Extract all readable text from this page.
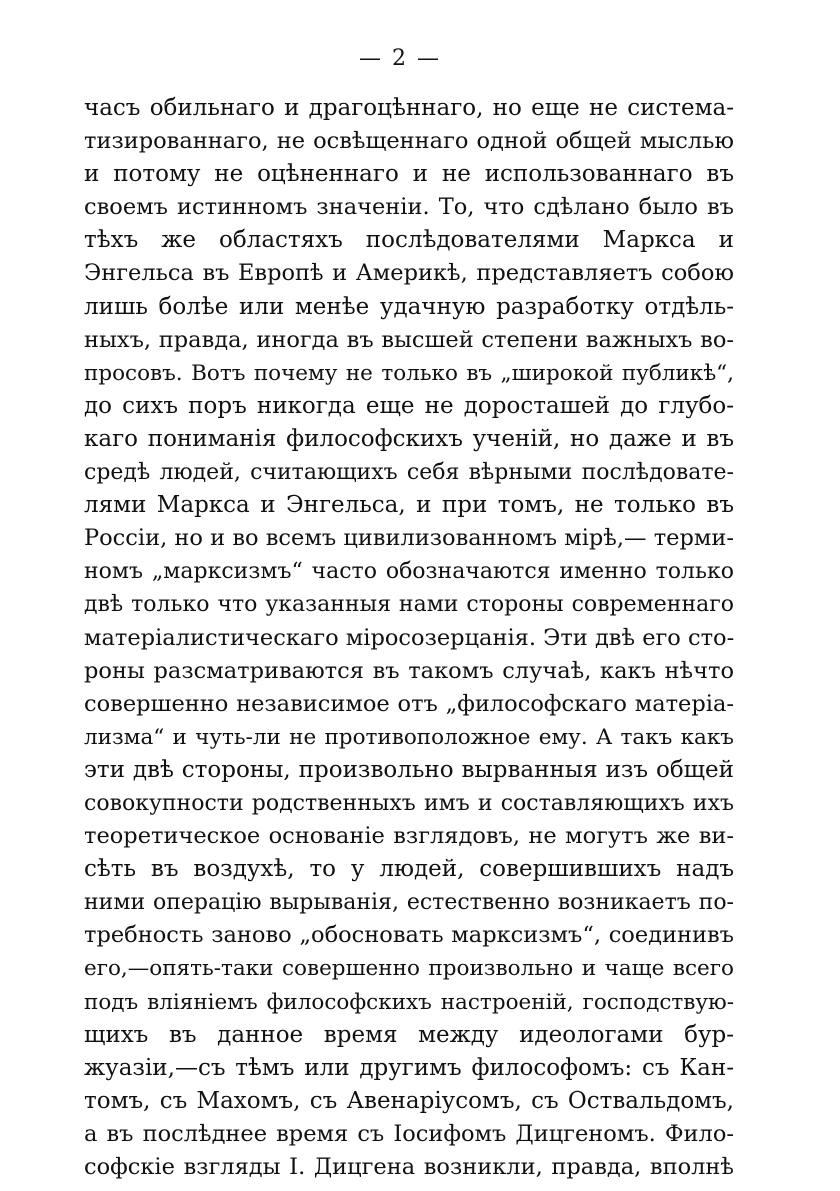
— 2 —
часъ обильнаго и драгоцѣннаго, но еще не система-
тизированнаго, не освѣщеннаго одной общей мыслью
и потому не оцѣненнаго и не использованнаго въ
своемъ истинномъ значеніи. То, что сдѣлано было въ
тѣхъ же областяхъ послѣдователями Маркса и
Энгельса въ Европѣ и Америкѣ, представляетъ собою
лишь болѣе или менѣе удачную разработку отдѣль-
ныхъ, правда, иногда въ высшей степени важныхъ во-
просовъ. Вотъ почему не только въ „широкой публикѣ“,
до сихъ поръ никогда еще не доросташей до глубо-
каго пониманія философскихъ ученій, но даже и въ
средѣ людей, считающихъ себя вѣрными послѣдовате-
лями Маркса и Энгельса, и при томъ, не только въ
Россіи, но и во всемъ цивилизованномъ мірѣ,— терми-
номъ „марксизмъ“ часто обозначаются именно только
двѣ только что указанныя нами стороны современнаго
матеріалистическаго міросозерцанія. Эти двѣ его сто-
роны разсматриваются въ такомъ случаѣ, какъ нѣчто
совершенно независимое отъ „философскаго матеріа-
лизма“ и чуть-ли не противоположное ему. А такъ какъ
эти двѣ стороны, произвольно вырванныя изъ общей
совокупности родственныхъ имъ и составляющихъ ихъ
теоретическое основаніе взглядовъ, не могутъ же ви-
сѣть въ воздухѣ, то у людей, совершившихъ надъ
ними операцію вырыванія, естественно возникаетъ по-
требность заново „обосновать марксизмъ“, соединивъ
его,—опять-таки совершенно произвольно и чаще всего
подъ вліяніемъ философскихъ настроеній, господствую-
щихъ въ данное время между идеологами бур-
жуазіи,—съ тѣмъ или другимъ философомъ: съ Кан-
томъ, съ Махомъ, съ Авенаріусомъ, съ Оствальдомъ,
а въ послѣднее время съ Іосифомъ Дицгеномъ. Фило-
софскіе взгляды І. Дицгена возникли, правда, вполнѣ
